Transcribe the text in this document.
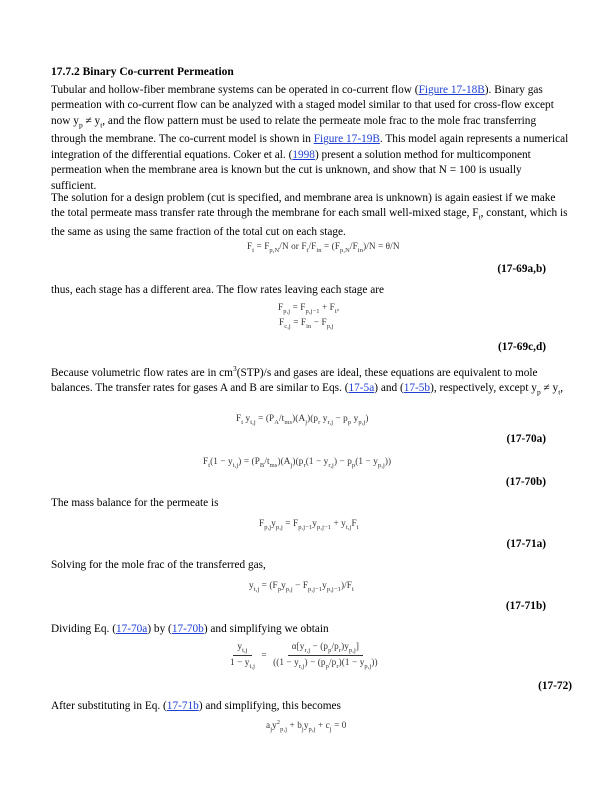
17.7.2 Binary Co-current Permeation

Tubular and hollow-fiber membrane systems can be operated in co-current flow (Figure 17-18B). Binary gas permeation with co-current flow can be analyzed with a staged model similar to that used for cross-flow except now $y_p \ne y_t$, and the flow pattern must be used to relate the permeate mole frac to the mole frac transferring through the membrane. The co-current model is shown in Figure 17-19B. This model again represents a numerical integration of the differential equations. Coker et al. (1998) present a solution method for multicomponent permeation when the membrane area is known but the cut is unknown, and show that N = 100 is usually sufficient.

The solution for a design problem (cut is specified, and membrane area is unknown) is again easiest if we make the total permeate mass transfer rate through the membrane for each small well-mixed stage, $F_t$, constant, which is the same as using the same fraction of the total cut on each stage.

$F_t = F_{p,N}/N$ or $F_t/F_{in} = (F_{p,N}/F_{in})/N = \theta/N$
(17-69a,b)

thus, each stage has a different area. The flow rates leaving each stage are

$F_{p,j} = F_{p,j-1} + F_t$,
$F_{c,j} = F_{in} - F_{p,j}$
(17-69c,d)

Because volumetric flow rates are in $cm^3(STP)/s$ and gases are ideal, these equations are equivalent to mole balances. The transfer rates for gases A and B are similar to Eqs. (17-5a) and (17-5b), respectively, except $y_p \ne y_t$,

$F_t$ $y_{t,j} = (P_A/t_{ms})(A_j)(p_r$ $y_{r,j} - p_p$ $y_{p,j}$)
(17-70a)
$F_t(1 - y_{t,j}) = (P_B/t_{ms})(A_j)(p_r(1 - y_{r,j}) - p_p(1 - y_{p,j}))$
(17-70b)

The mass balance for the permeate is

$F_{p,j}y_{p,j} = F_{p,j-1}y_{p,j-1} + y_{t,j}F_t$
(17-71a)

Solving for the mole frac of the transferred gas,

$y_{t,j} = (F_py_{p,j} - F_{p,j-1}y_{p,j-1})/F_t$
(17-71b)

Dividing Eq. (17-70a) by (17-70b) and simplifying we obtain

$\frac{y_{t,j}}{1 - y_{t,j}} = \frac{\alpha[y_{r,j} - (p_p/p_r)y_{p,j}]}{((1 - y_{r,j}) - (p_p/p_r)(1 - y_{p,j}))}$
(17-72)

After substituting in Eq. (17-71b) and simplifying, this becomes

$a_jy^2_{p,j} + b_jy_{p,j} + c_j = 0$
